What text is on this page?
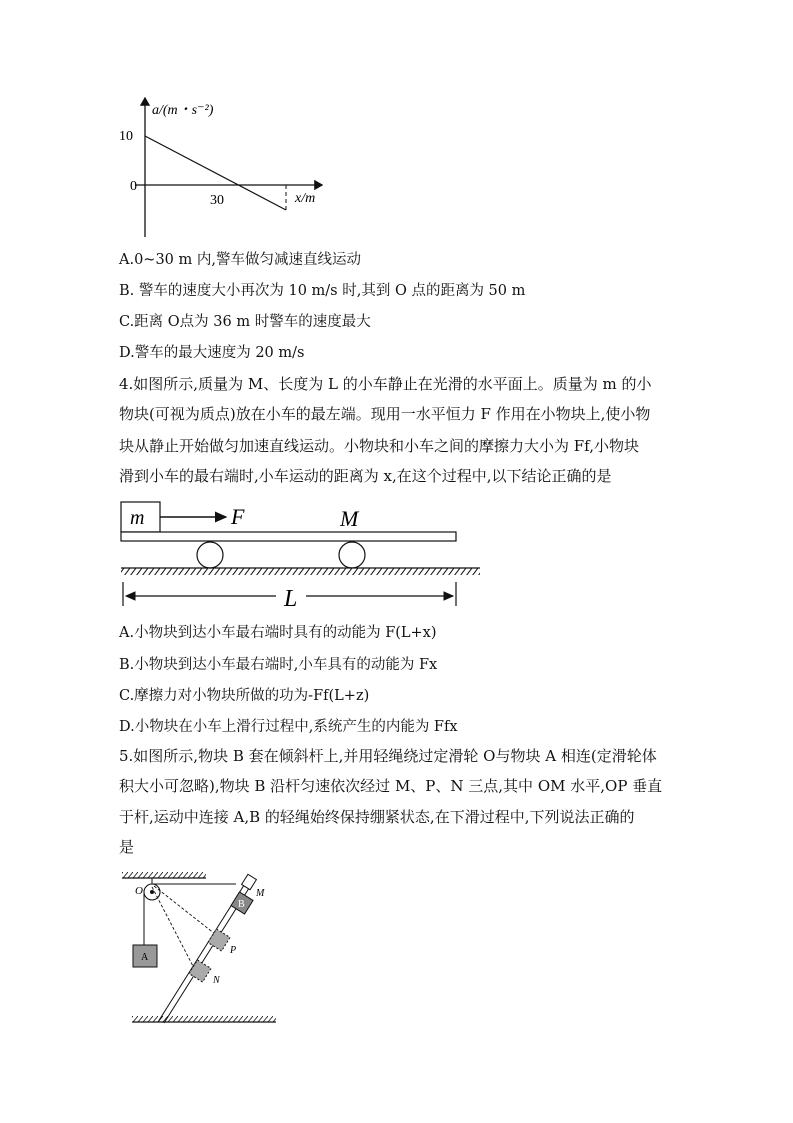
a/(m・s⁻²)
10
0
30	x/m
A.0~30 m 内,警车做匀减速直线运动
B. 警车的速度大小再次为 10 m/s 时,其到 O 点的距离为 50 m
C.距离 O点为 36 m 时警车的速度最大
D.警车的最大速度为 20 m/s
4.如图所示,质量为 M、长度为 L 的小车静止在光滑的水平面上。质量为 m 的小
物块(可视为质点)放在小车的最左端。现用一水平恒力 F 作用在小物块上,使小物
块从静止开始做匀加速直线运动。小物块和小车之间的摩擦力大小为 Ff,小物块
滑到小车的最右端时,小车运动的距离为 x,在这个过程中,以下结论正确的是
m	F	M
L
A.小物块到达小车最右端时具有的动能为 F(L+x)
B.小物块到达小车最右端时,小车具有的动能为 Fx
C.摩擦力对小物块所做的功为-Ff(L+z)
D.小物块在小车上滑行过程中,系统产生的内能为 Ffx
5.如图所示,物块 B 套在倾斜杆上,并用轻绳绕过定滑轮 O与物块 A 相连(定滑轮体
积大小可忽略),物块 B 沿杆匀速依次经过 M、P、N 三点,其中 OM 水平,OP 垂直
于杆,运动中连接 A,B 的轻绳始终保持绷紧状态,在下滑过程中,下列说法正确的
是
O
A
B
M
P
N
